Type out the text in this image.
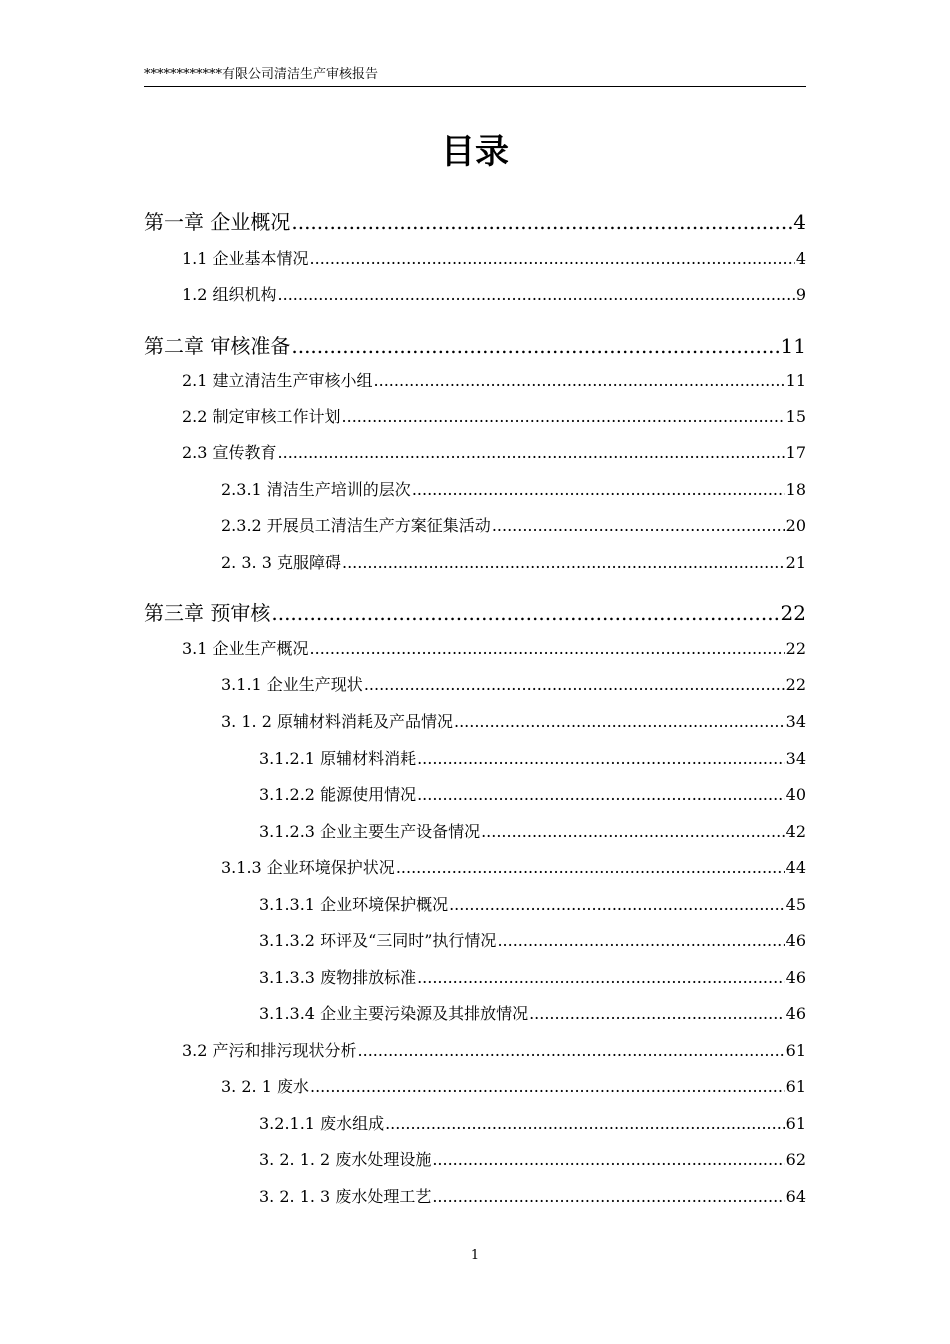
************有限公司清洁生产审核报告
目录
第一章 企业概况 .....	4
1.1 企业基本情况 .....	4
1.2 组织机构 .....	9
第二章 审核准备 .....	11
2.1 建立清洁生产审核小组 .....	11
2.2 制定审核工作计划 .....	15
2.3 宣传教育 .....	17
2.3.1 清洁生产培训的层次 .....	18
2.3.2 开展员工清洁生产方案征集活动 .....	20
2. 3. 3 克服障碍 .....	21
第三章 预审核 .....	22
3.1 企业生产概况 .....	22
3.1.1 企业生产现状 .....	22
3. 1. 2 原辅材料消耗及产品情况 .....	34
3.1.2.1 原辅材料消耗 .....	34
3.1.2.2 能源使用情况 .....	40
3.1.2.3 企业主要生产设备情况 .....	42
3.1.3 企业环境保护状况 .....	44
3.1.3.1 企业环境保护概况 .....	45
3.1.3.2 环评及“三同时”执行情况 .....	46
3.1.3.3 废物排放标准 .....	46
3.1.3.4 企业主要污染源及其排放情况 .....	46
3.2 产污和排污现状分析 .....	61
3. 2. 1 废水 .....	61
3.2.1.1 废水组成 .....	61
3. 2. 1. 2 废水处理设施 .....	62
3. 2. 1. 3 废水处理工艺 .....	64
1
